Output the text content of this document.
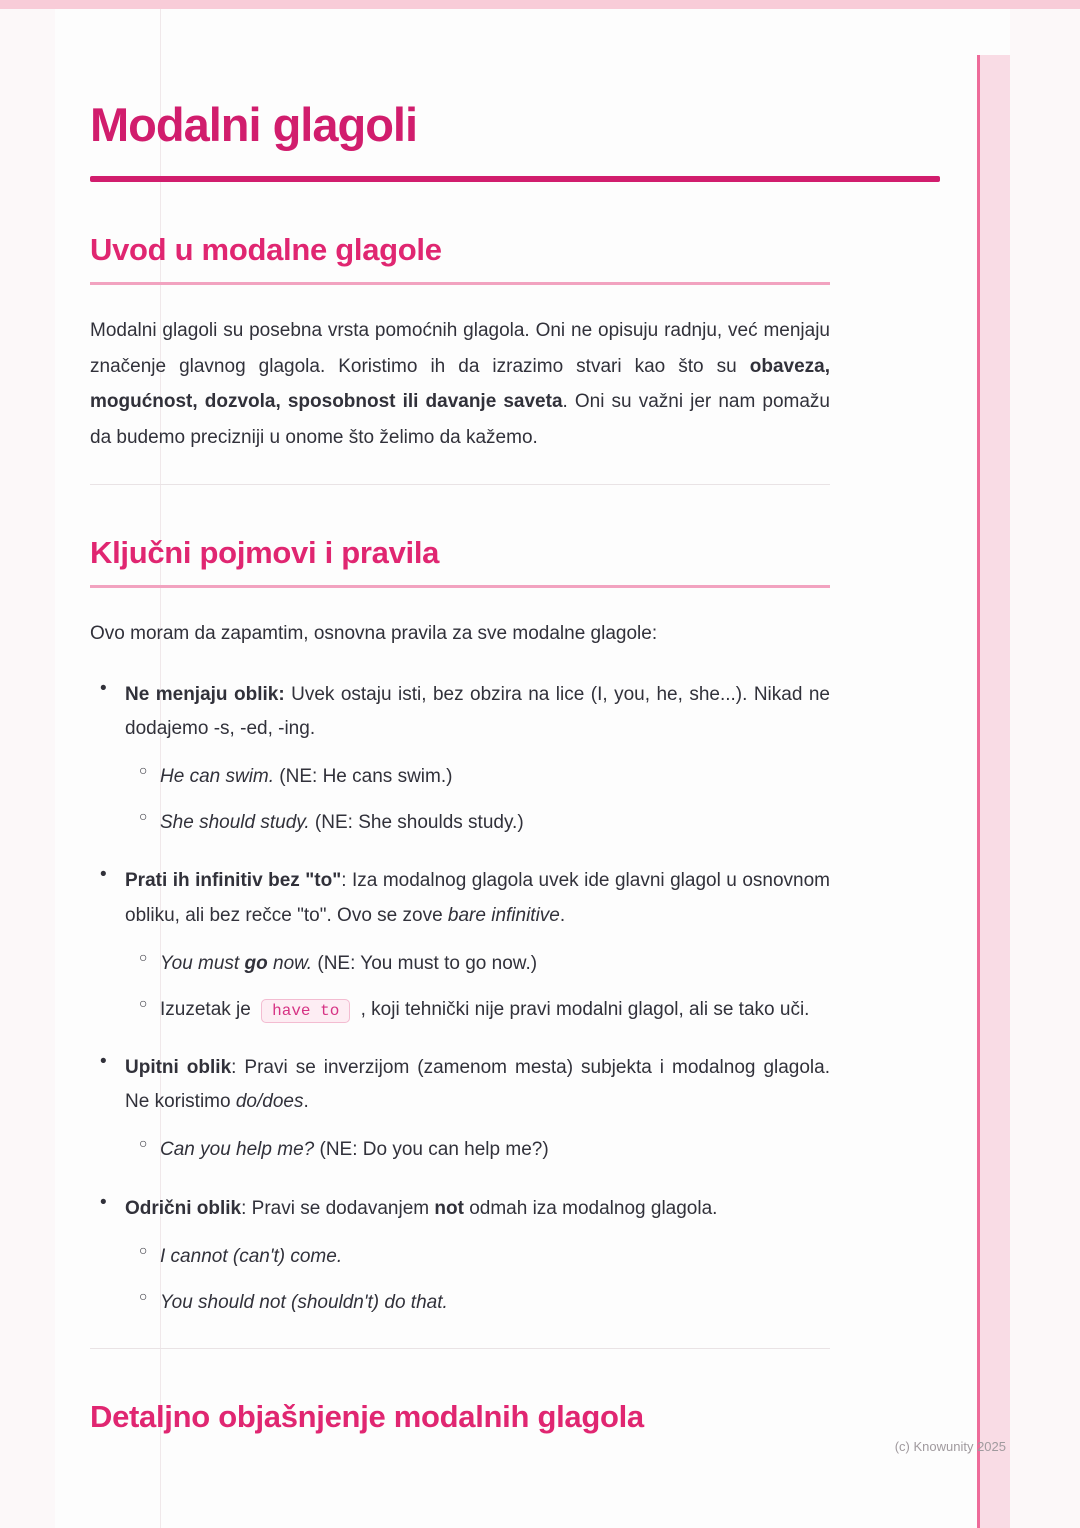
Modalni glagoli
Uvod u modalne glagole

Modalni glagoli su posebna vrsta pomoćnih glagola. Oni ne opisuju radnju, već menjaju značenje glavnog glagola. Koristimo ih da izrazimo stvari kao što su obaveza, mogućnost, dozvola, sposobnost ili davanje saveta. Oni su važni jer nam pomažu da budemo precizniji u onome što želimo da kažemo.

Ključni pojmovi i pravila

Ovo moram da zapamtim, osnovna pravila za sve modalne glagole:

• Ne menjaju oblik: Uvek ostaju isti, bez obzira na lice (I, you, he, she...). Nikad ne dodajemo -s, -ed, -ing.
○ He can swim. (NE: He cans swim.)
○ She should study. (NE: She shoulds study.)
• Prati ih infinitiv bez "to": Iza modalnog glagola uvek ide glavni glagol u osnovnom obliku, ali bez rečce "to". Ovo se zove bare infinitive.
○ You must go now. (NE: You must to go now.)
○ Izuzetak je have to , koji tehnički nije pravi modalni glagol, ali se tako uči.
• Upitni oblik: Pravi se inverzijom (zamenom mesta) subjekta i modalnog glagola. Ne koristimo do/does.
○ Can you help me? (NE: Do you can help me?)
• Odrični oblik: Pravi se dodavanjem not odmah iza modalnog glagola.
○ I cannot (can't) come.
○ You should not (shouldn't) do that.
Detaljno objašnjenje modalnih glagola
(c) Knowunity 2025
